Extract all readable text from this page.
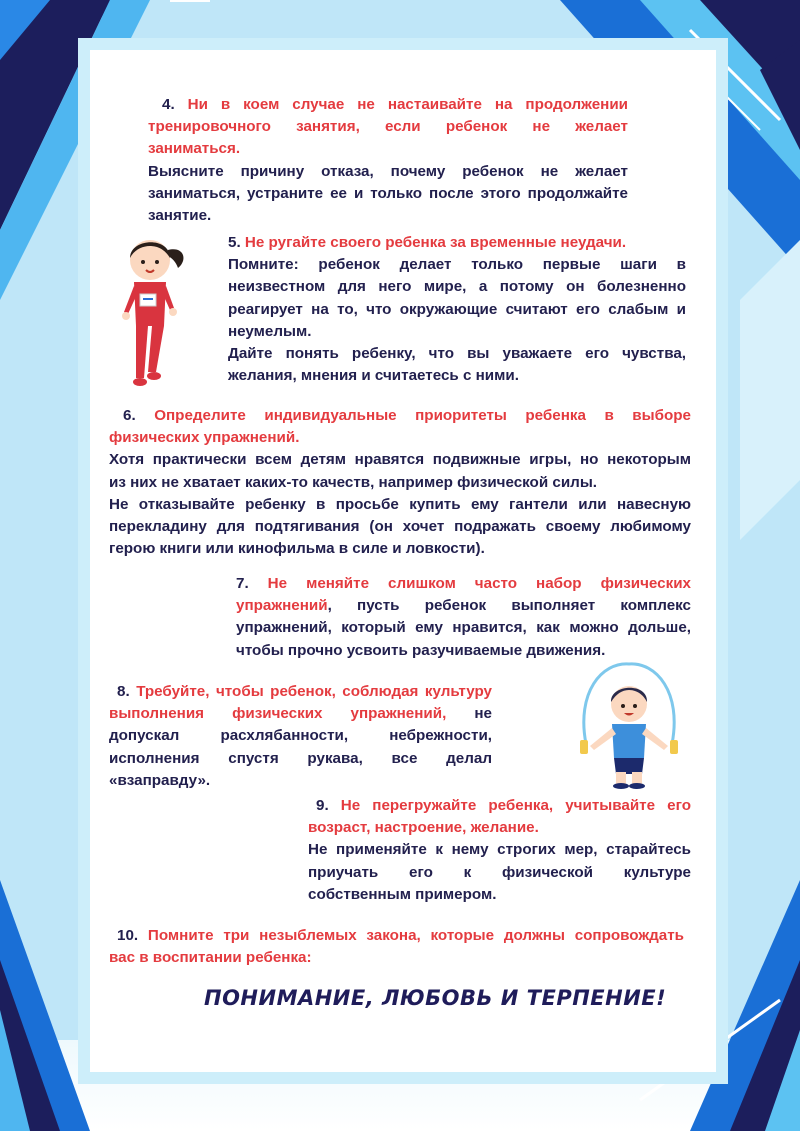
4. Ни в коем случае не настаивайте на продолжении
тренировочного занятия, если ребенок не желает
заниматься.
Выясните причину отказа, почему ребенок не желает
заниматься, устраните ее и только после этого продолжайте
занятие.
5. Не ругайте своего ребенка за временные неудачи.
Помните: ребенок делает только первые шаги в
неизвестном для него мире, а потому он болезненно
реагирует на то, что окружающие считают его слабым и
неумелым.
Дайте понять ребенку, что вы уважаете его чувства,
желания, мнения и считаетесь с ними.
6. Определите индивидуальные приоритеты ребенка в выборе
физических упражнений.
Хотя практически всем детям нравятся подвижные игры, но некоторым
из них не хватает каких-то качеств, например физической силы.
Не отказывайте ребенку в просьбе купить ему гантели или навесную
перекладину для подтягивания (он хочет подражать своему любимому
герою книги или кинофильма в силе и ловкости).
7. Не меняйте слишком часто набор физических
упражнений, пусть ребенок выполняет комплекс
упражнений, который ему нравится, как можно дольше,
чтобы прочно усвоить разучиваемые движения.
8. Требуйте, чтобы ребенок, соблюдая культуру
выполнения физических упражнений, не
допускал расхлябанности, небрежности,
исполнения спустя рукава, все делал
«взаправду».
9. Не перегружайте ребенка, учитывайте его
возраст, настроение, желание.
Не применяйте к нему строгих мер, старайтесь
приучать его к физической культуре
собственным примером.
10. Помните три незыблемых закона, которые должны сопровождать
вас в воспитании ребенка:
ПОНИМАНИЕ, ЛЮБОВЬ И ТЕРПЕНИЕ!
